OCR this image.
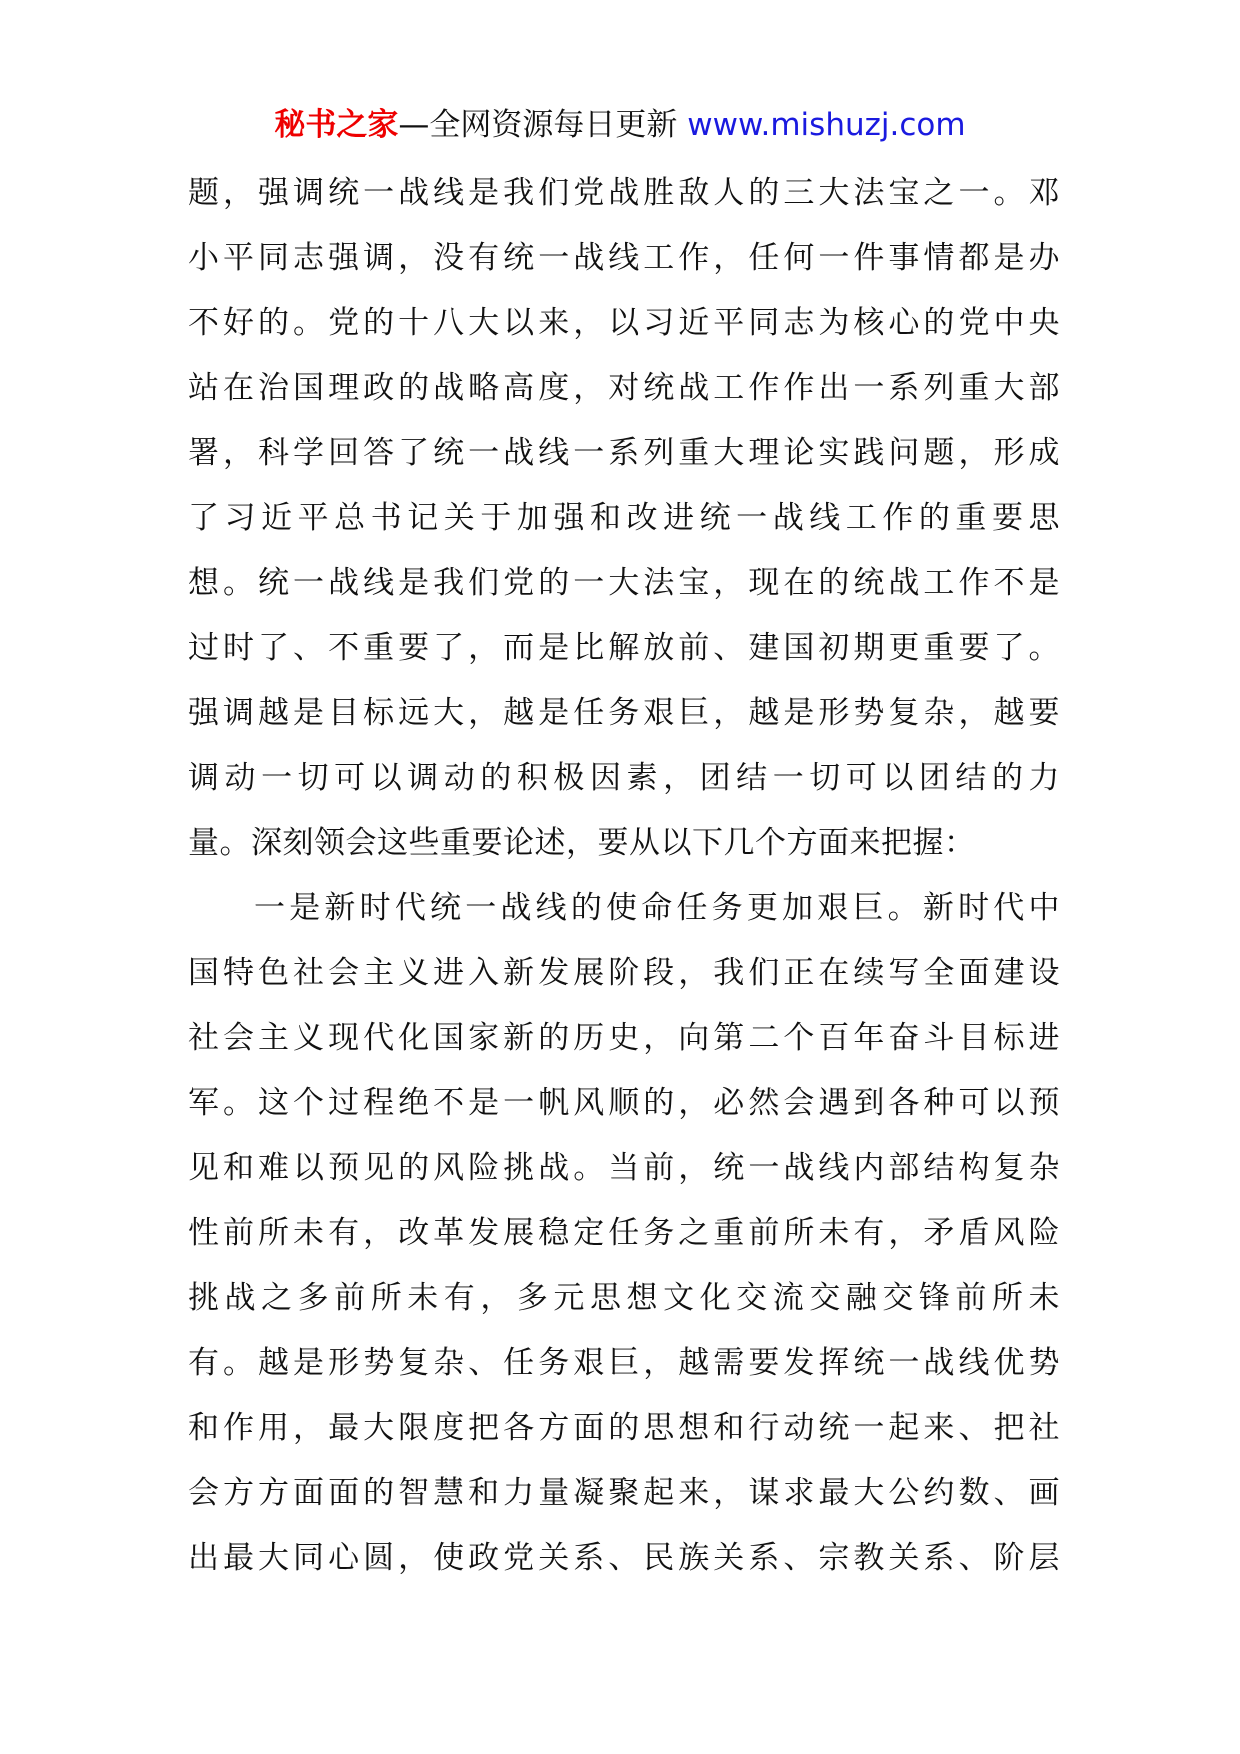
秘书之家—全网资源每日更新 www.mishuzj.com
题，强调统一战线是我们党战胜敌人的三大法宝之一。邓
小平同志强调，没有统一战线工作，任何一件事情都是办
不好的。党的十八大以来，以习近平同志为核心的党中央
站在治国理政的战略高度，对统战工作作出一系列重大部
署，科学回答了统一战线一系列重大理论实践问题，形成
了习近平总书记关于加强和改进统一战线工作的重要思
想。统一战线是我们党的一大法宝，现在的统战工作不是
过时了、不重要了，而是比解放前、建国初期更重要了。
强调越是目标远大，越是任务艰巨，越是形势复杂，越要
调动一切可以调动的积极因素，团结一切可以团结的力
量。深刻领会这些重要论述，要从以下几个方面来把握：
一是新时代统一战线的使命任务更加艰巨。新时代中
国特色社会主义进入新发展阶段，我们正在续写全面建设
社会主义现代化国家新的历史，向第二个百年奋斗目标进
军。这个过程绝不是一帆风顺的，必然会遇到各种可以预
见和难以预见的风险挑战。当前，统一战线内部结构复杂
性前所未有，改革发展稳定任务之重前所未有，矛盾风险
挑战之多前所未有，多元思想文化交流交融交锋前所未
有。越是形势复杂、任务艰巨，越需要发挥统一战线优势
和作用，最大限度把各方面的思想和行动统一起来、把社
会方方面面的智慧和力量凝聚起来，谋求最大公约数、画
出最大同心圆，使政党关系、民族关系、宗教关系、阶层
